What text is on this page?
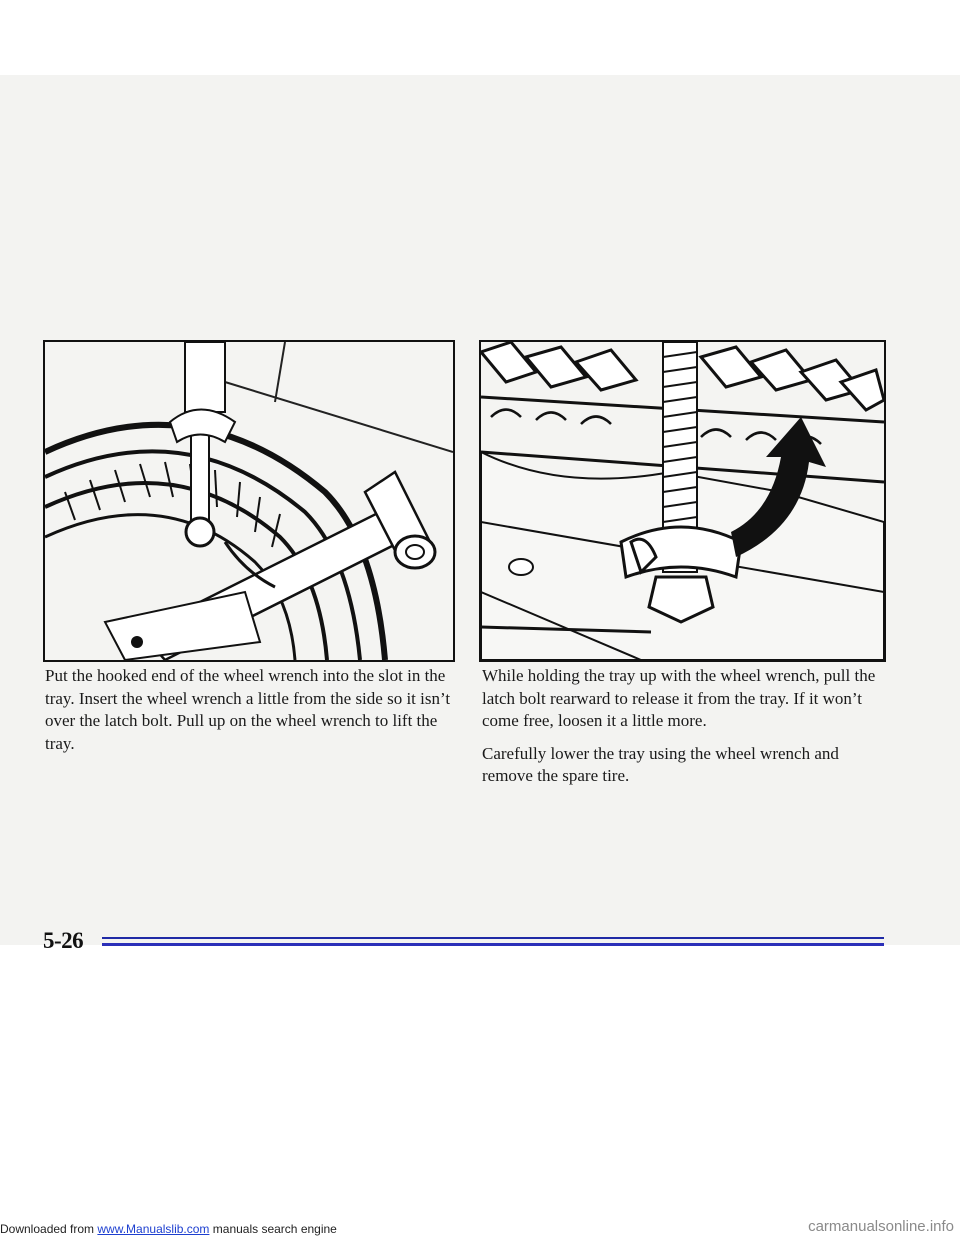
Put the hooked end of the wheel wrench into the slot in the tray. Insert the wheel wrench a little from the side so it isn’t over the latch bolt. Pull up on the wheel wrench to lift the tray.

While holding the tray up with the wheel wrench, pull the latch bolt rearward to release it from the tray. If it won’t come free, loosen it a little more.

Carefully lower the tray using the wheel wrench and remove the spare tire.

5-26
Downloaded from www.Manualslib.com manuals search engine	carmanualsonline.info
